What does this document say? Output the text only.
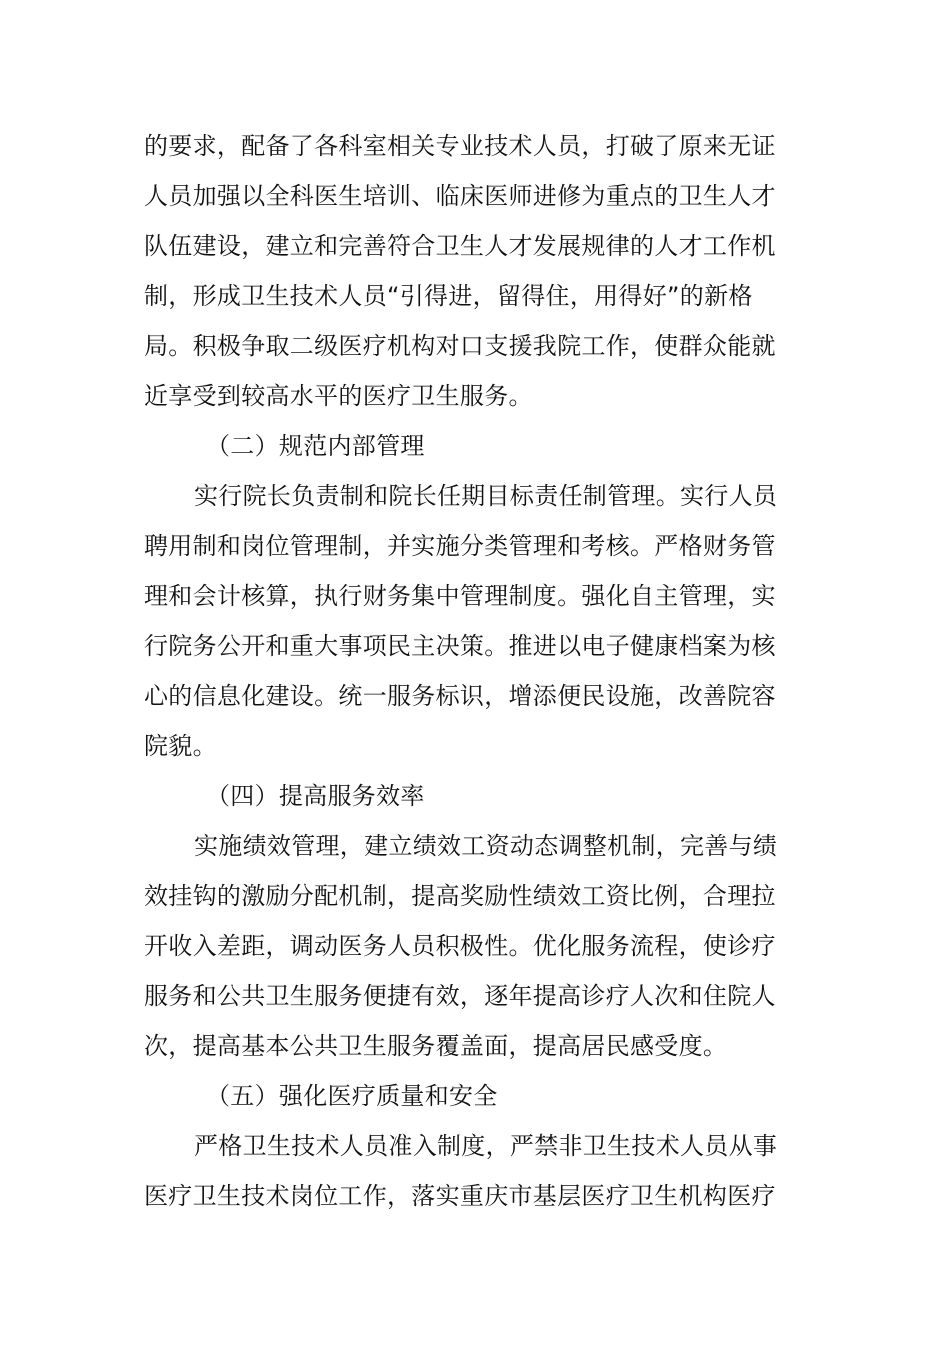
的要求，配备了各科室相关专业技术人员，打破了原来无证
人员加强以全科医生培训、临床医师进修为重点的卫生人才
队伍建设，建立和完善符合卫生人才发展规律的人才工作机
制，形成卫生技术人员“引得进，留得住，用得好”的新格
局。积极争取二级医疗机构对口支援我院工作，使群众能就
近享受到较高水平的医疗卫生服务。
（二）规范内部管理
实行院长负责制和院长任期目标责任制管理。实行人员
聘用制和岗位管理制，并实施分类管理和考核。严格财务管
理和会计核算，执行财务集中管理制度。强化自主管理，实
行院务公开和重大事项民主决策。推进以电子健康档案为核
心的信息化建设。统一服务标识，增添便民设施，改善院容
院貌。
（四）提高服务效率
实施绩效管理，建立绩效工资动态调整机制，完善与绩
效挂钩的激励分配机制，提高奖励性绩效工资比例，合理拉
开收入差距，调动医务人员积极性。优化服务流程，使诊疗
服务和公共卫生服务便捷有效，逐年提高诊疗人次和住院人
次，提高基本公共卫生服务覆盖面，提高居民感受度。
（五）强化医疗质量和安全
严格卫生技术人员准入制度，严禁非卫生技术人员从事
医疗卫生技术岗位工作，落实重庆市基层医疗卫生机构医疗
